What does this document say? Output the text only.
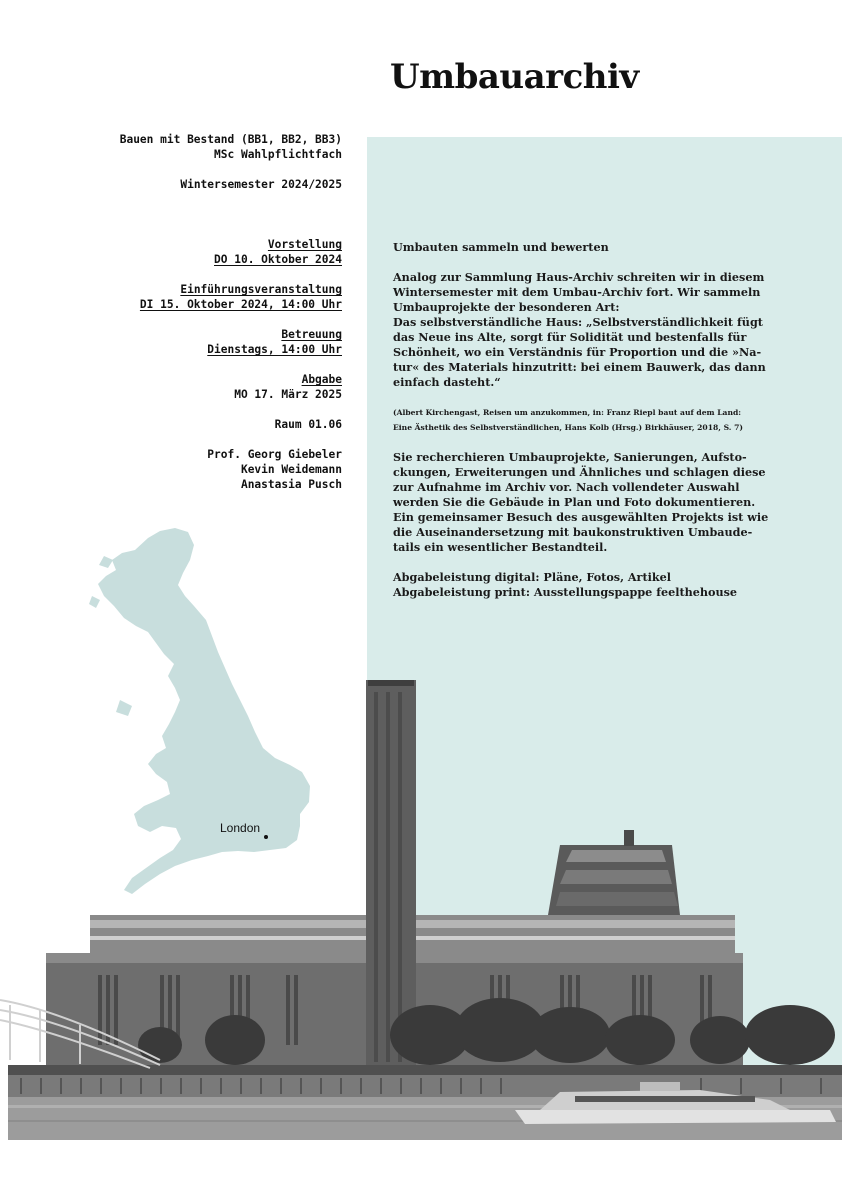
Umbauarchiv
Bauen mit Bestand (BB1, BB2, BB3)
MSc Wahlpflichtfach
Wintersemester 2024/2025
Vorstellung
DO 10. Oktober 2024
Einführungsveranstaltung
DI 15. Oktober 2024, 14:00 Uhr
Betreuung
Dienstags, 14:00 Uhr
Abgabe
MO 17. März 2025
Raum 01.06
Prof. Georg Giebeler
Kevin Weidemann
Anastasia Pusch

Umbauten sammeln und bewerten

Analog zur Sammlung Haus-Archiv schreiten wir in diesem
Wintersemester mit dem Umbau-Archiv fort. Wir sammeln
Umbauprojekte der besonderen Art:
Das selbstverständliche Haus: „Selbstverständlichkeit fügt
das Neue ins Alte, sorgt für Solidität und bestenfalls für
Schönheit, wo ein Verständnis für Proportion und die »Na-
tur« des Materials hinzutritt: bei einem Bauwerk, das dann
einfach dasteht.“

(Albert Kirchengast, Reisen um anzukommen, in: Franz Riepl baut auf dem Land:
Eine Ästhetik des Selbstverständlichen, Hans Kolb (Hrsg.) Birkhäuser, 2018, S. 7)

Sie recherchieren Umbauprojekte, Sanierungen, Aufsto-
ckungen, Erweiterungen und Ähnliches und schlagen diese
zur Aufnahme im Archiv vor. Nach vollendeter Auswahl
werden Sie die Gebäude in Plan und Foto dokumentieren.
Ein gemeinsamer Besuch des ausgewählten Projekts ist wie
die Auseinandersetzung mit baukonstruktiven Umbaude-
tails ein wesentlicher Bestandteil.

Abgabeleistung digital: Pläne, Fotos, Artikel
Abgabeleistung print: Ausstellungspappe feelthehouse

London
